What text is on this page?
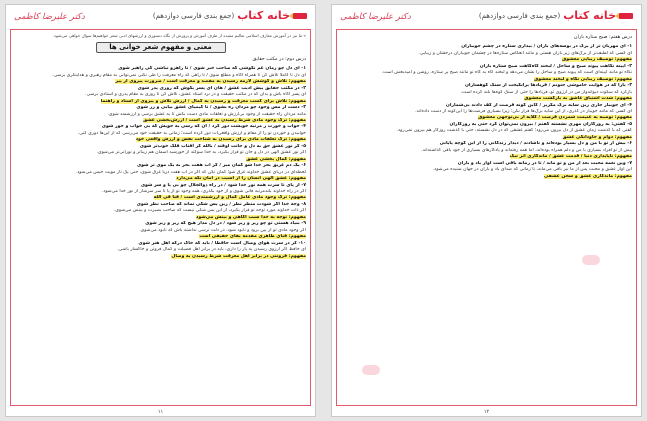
دکتر علیرضا کاظمی	خانه کتاب
(جمع بندی فارسی دوازدهم)
» ما نیز در آموزش معارف اسلامی تعالیم مفیده از طرف آموزش و پرورش از نگاه دستوری و ارزشهای ادبی شعر خواهیم‌ها سوال خواهی می‌شود.
معنی و مفهوم شعر خوانی ها
درس دوم: در مکتب حقایق
۱- ای دل چو زمان غم نکوشی که صاحب خبر شوی / تا راهرو نباشی کی راهبر شوی
ای دل تا کاملا تلاش کن تا همراه آگاه و مطلع شوی / تا راهی که راه معرفت را طی نکنی نمی‌توانی به مقام رهبری و هدایتگری برسی.
مفهوم: تلاش و کوشش لازمه رسیدن به مقصد و معرفت است / ضرورت پیروی از پیر
۲- در مکتب حقایق پیش ادیب عشق / هان ای پسر بکوش که روزی پدر شوی
ای پسر آگاه باش و بدان که در مکتب حقیقت و در نزد استاد عشق، تلاش کن تا روزی به مقام پدری و استادی برسی.
مفهوم: تلاش برای کسب معرفت و رسیدن به کمال / ارزش تلاش و پیروی از استاد و راهنما
۳- دست از مس وجود چو مردان ره بشوی / تا کیمیای عشق بیابی و زر شوی
مانند مردان راه حقیقت از وجود بی‌ارزش و تعلقات مادی دست بکش تا به عشق برسی و ارزشمند شوی.
مفهوم: ترک وجود مادی شرط رسیدن به عشق است / ارزش‌بخشی عشق
۴- خواب و خورت ز مرتبه خویشت دور کرد / آن گه رسی به خویش که بی خواب و خور شوی
خوابیدن و خوردن تو را از مقام و ارزش واقعی‌ات دور کرده است؛ زمانی به حقیقت خود می‌رسی که از این‌ها دوری کنی.
مفهوم: ترک تعلقات مادی برای رسیدن به شناخت نفس و ارزش واقعی خود
۵- گر نور عشق حق به دل و جانت اوفتد / بالله کز آفتاب فلک خوب‌تر شوی
اگر نور عشق الهی در دل و جان تو قرار بگیرد، به خدا سوگند از خورشید آسمان هم زیباتر و نورانی‌تر می‌شوی.
مفهوم: کمال بخشی عشق
۶- یک دم غریق بحر خدا شو گمان مبر / کز آب هفت بحر به یک موی تر شوی
لحظه‌ای در دریای عشق خداوند غرق شو؛ گمان نکن که اگر در آب هفت دریا غرق شوی، حتی یک تار مویت خیس می‌شود.
مفهوم: عشق الهی انسان را از آسیب در امان نگه می‌دارد
۷- از پای تا سرت همه نور خدا شود / در راه ذوالجلال چو بی پا و سر شوی
اگر در راه خداوند بلندمرتبه فانی شوی و از خود بگذری، همه وجود تو از پا تا سر سرشار از نور خدا می‌شود.
مفهوم: ترک وجود مادی عامل کمال و ارزشمندی است / فنا فی الله
۸- وجه خدا اگر شودت منظر نظر / زین پس شکی نماند که صاحب نظر شوی
اگر ذات خداوند مورد توجه تو قرار بگیرد، از این پس شکی نیست که صاحب بصیرت و بینش می‌شوی.
مفهوم: توجه به خدا سبب آگاهی و بینش می‌شود
۹- بنیاد هستی تو چو زیر و زبر شود / در دل مدار هیچ که زیر و زبر شوی
اگر وجود مادی تو از بین برود و نابود شود، در دلت ترسی نداشته باش که نابود می‌شوی.
مفهوم: فنای ظاهری مقدمه بقای حقیقی است
۱۰- گر در سرت هوای وصال است حافظا / باید که خاک درگه اهل هنر شوی
ای حافظ اگر آرزوی رسیدن به یار را داری، باید در برابر اهل فضیلت و کمال فروتن و خاکسار باشی.
مفهوم: فروتنی در برابر اهل معرفت شرط رسیدن به وصال
۱۱
دکتر علیرضا کاظمی	خانه کتاب
(جمع بندی فارسی دوازدهم)
درس هفتم: صبح ستاره باران
۱- ای مهربان تر از برگ در بوسه‌های باران / بیداری ستاره در چشم جویباران
ای کسی که لطیف‌تر از برگ‌های زیر باران هستی و مانند انعکاس ستاره‌ها در چشمان جویباران درخشان و زیبایی.
مفهوم: توصیف زیبایی معشوق
۲- آیینه نگاهت پیوند صبح و ساحل / لبخند گاه‌گاهت صبح ستاره باران
نگاه تو مانند آیینه‌ای است که پیوند صبح و ساحل را نشان می‌دهد و لبخند گاه به گاه تو مانند صبح پر ستاره، روشن و امیدبخش است.
مفهوم: توصیف زیبایی نگاه و لبخند معشوق
۳- بازآ که در هوایت خاموشی جنونم / فریادها برانگیخت از سنگ کوهساران
بازگرد که سکوت دیوانه‌وار من در آرزوی تو، فریادها را حتی از سنگ کوه‌ها بلند کرده است.
مفهوم: شدت اشتیاق عاشق به بازگشت معشوق
۴- ای جویبار جاری زین سایه برگ مگریز / کاین گونه فرصت از کف دادند بی‌شماران
ای کسی که مانند جویبار در گذری، از این سایه برگ‌ها فرار نکن؛ زیرا بسیاری فرصت‌ها را این‌گونه از دست داده‌اند.
مفهوم: توصیه به غنیمت شمردن فرصت / گلایه از بی‌توجهی معشوق
۵- گفتی: به روزگاران مهری نشسته گفتم / بیرون نمی‌توان کرد حتی به روزگاران
گفتی که با گذشت زمان عشق از دل بیرون می‌رود؛ گفتم عشقی که در دل نشسته، حتی با گذشت روزگار هم بیرون نمی‌رود.
مفهوم: دوام و جاودانگی عشق
۶- بیش از تو با من و دل بسیار بوده‌اند و ناشادند / دیدار زندگانی را از این کوچه پایانی
پیش از تو افراد بسیاری با من و دلم همراه بوده‌اند، اما همه رفته‌اند و یادگارهای بسیاری از خود باقی گذاشته‌اند.
مفهوم: ناپایداری دنیا / قدمت عشق / ماندگاری اثر نیک
۷- وین نغمه محبت بعد از من و تو ماند / تا در زمانه باقی است آواز باد و باران
این آواز عشق و محبت پس از ما نیز باقی می‌ماند، تا زمانی که صدای باد و باران در جهان شنیده می‌شود.
مفهوم: ماندگاری عشق و سخن عشقی
۱۲
